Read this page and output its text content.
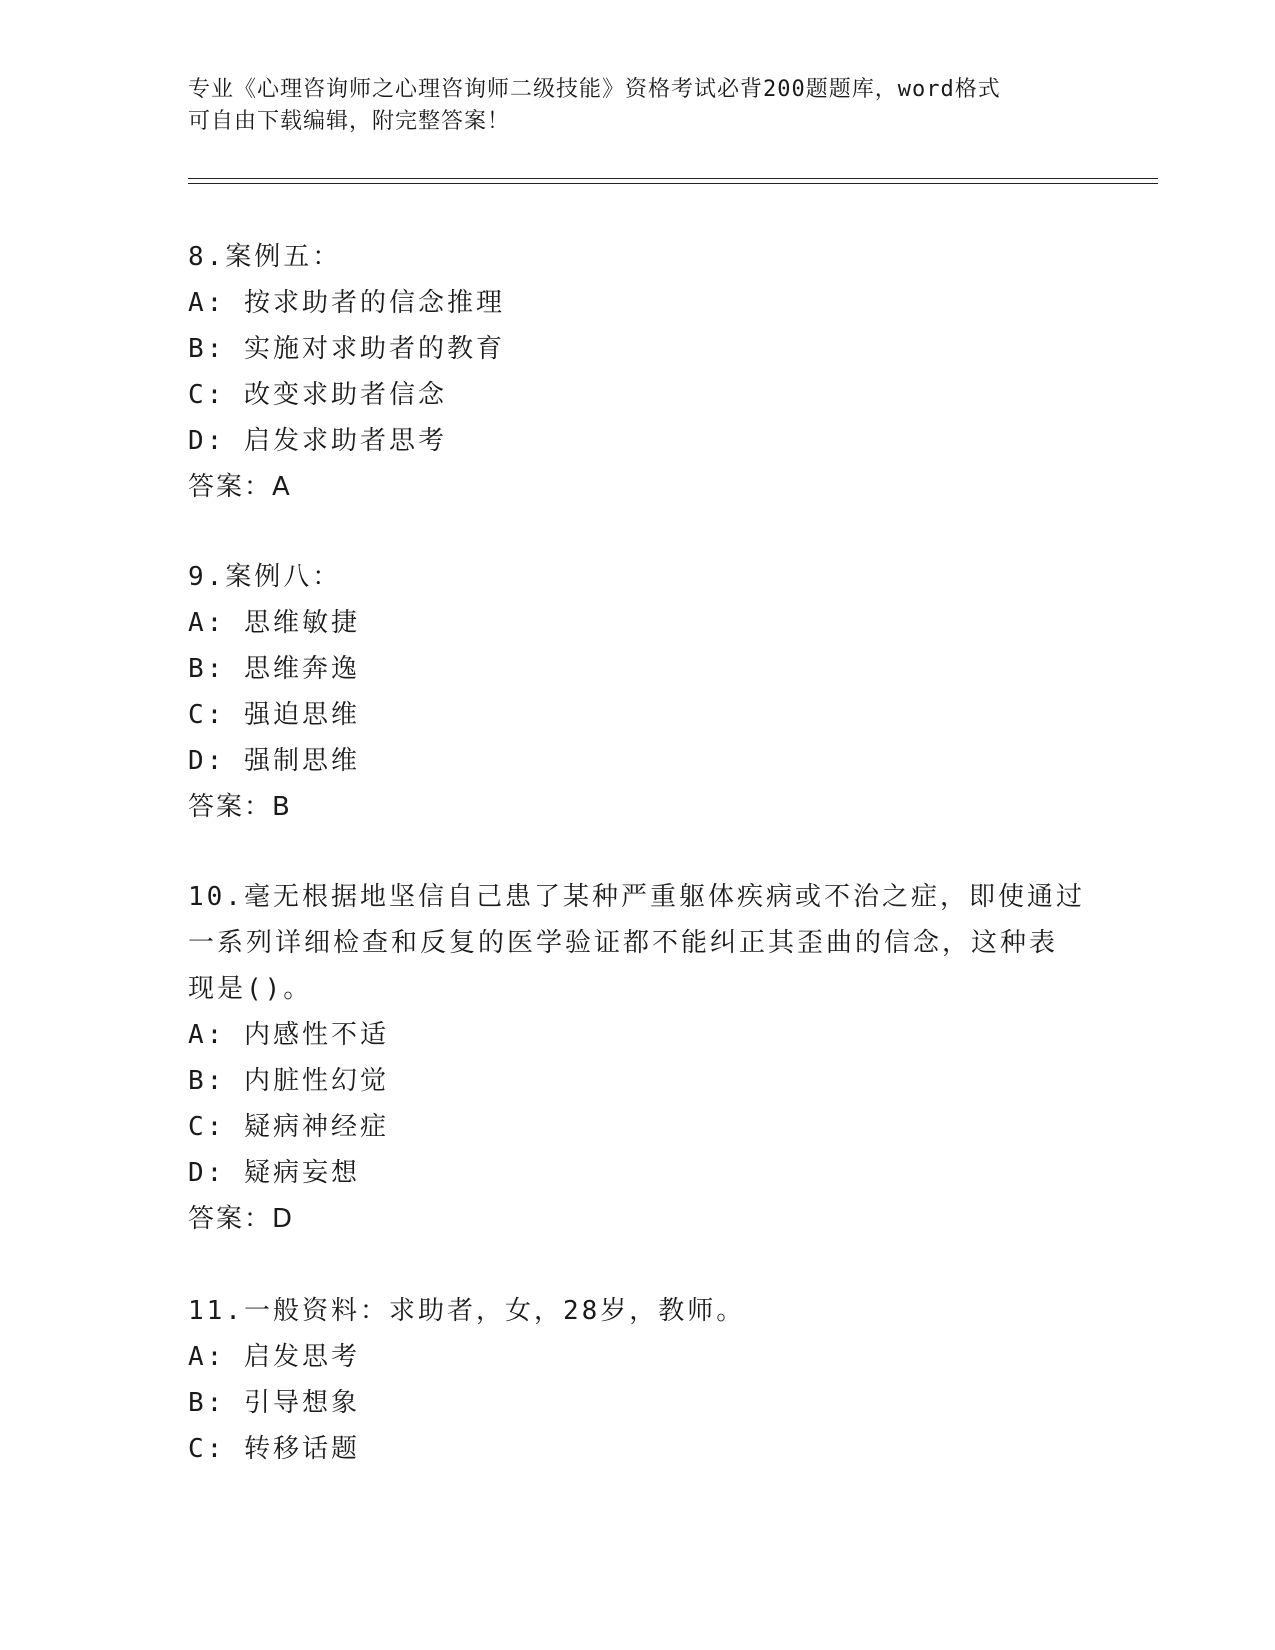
专业《心理咨询师之心理咨询师二级技能》资格考试必背200题题库，word格式
可自由下载编辑，附完整答案！

8.案例五：

A: 按求助者的信念推理

B: 实施对求助者的教育

C: 改变求助者信念

D: 启发求助者思考

答案：A

9.案例八：

A: 思维敏捷

B: 思维奔逸

C: 强迫思维

D: 强制思维

答案：B

10.毫无根据地坚信自己患了某种严重躯体疾病或不治之症，即使通过

一系列详细检查和反复的医学验证都不能纠正其歪曲的信念，这种表

现是()。

A: 内感性不适

B: 内脏性幻觉

C: 疑病神经症

D: 疑病妄想

答案：D

11.一般资料：求助者，女，28岁，教师。

A: 启发思考

B: 引导想象

C: 转移话题
